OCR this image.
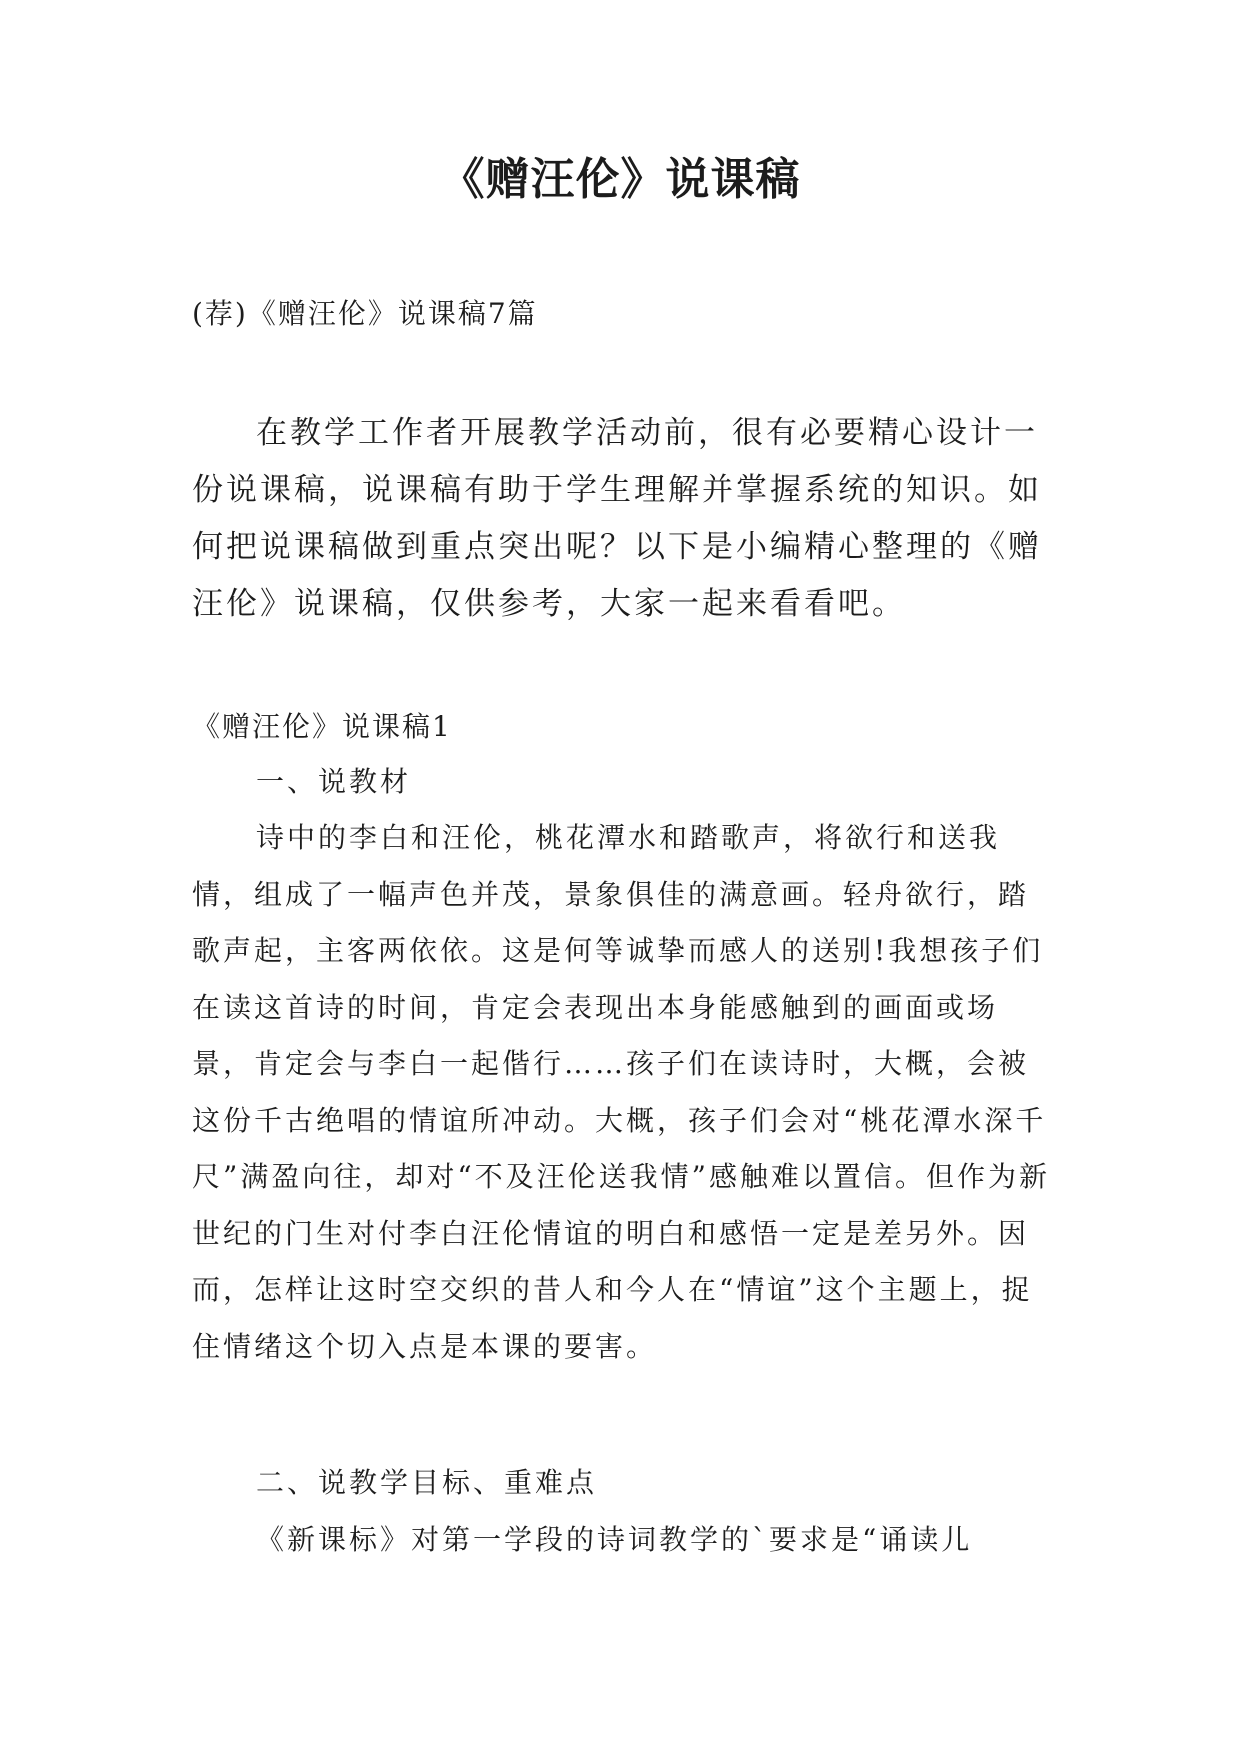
《赠汪伦》说课稿

(荐)《赠汪伦》说课稿7篇

在教学工作者开展教学活动前，很有必要精心设计一份说课稿，说课稿有助于学生理解并掌握系统的知识。如何把说课稿做到重点突出呢？以下是小编精心整理的《赠汪伦》说课稿，仅供参考，大家一起来看看吧。

《赠汪伦》说课稿1

一、说教材

诗中的李白和汪伦，桃花潭水和踏歌声，将欲行和送我情，组成了一幅声色并茂，景象俱佳的满意画。轻舟欲行，踏歌声起，主客两依依。这是何等诚挚而感人的送别!我想孩子们在读这首诗的时间，肯定会表现出本身能感触到的画面或场景，肯定会与李白一起偕行……孩子们在读诗时，大概，会被这份千古绝唱的情谊所冲动。大概，孩子们会对“桃花潭水深千尺”满盈向往，却对“不及汪伦送我情”感触难以置信。但作为新世纪的门生对付李白汪伦情谊的明白和感悟一定是差另外。因而，怎样让这时空交织的昔人和今人在“情谊”这个主题上，捉住情绪这个切入点是本课的要害。

二、说教学目标、重难点

《新课标》对第一学段的诗词教学的`要求是“诵读儿
